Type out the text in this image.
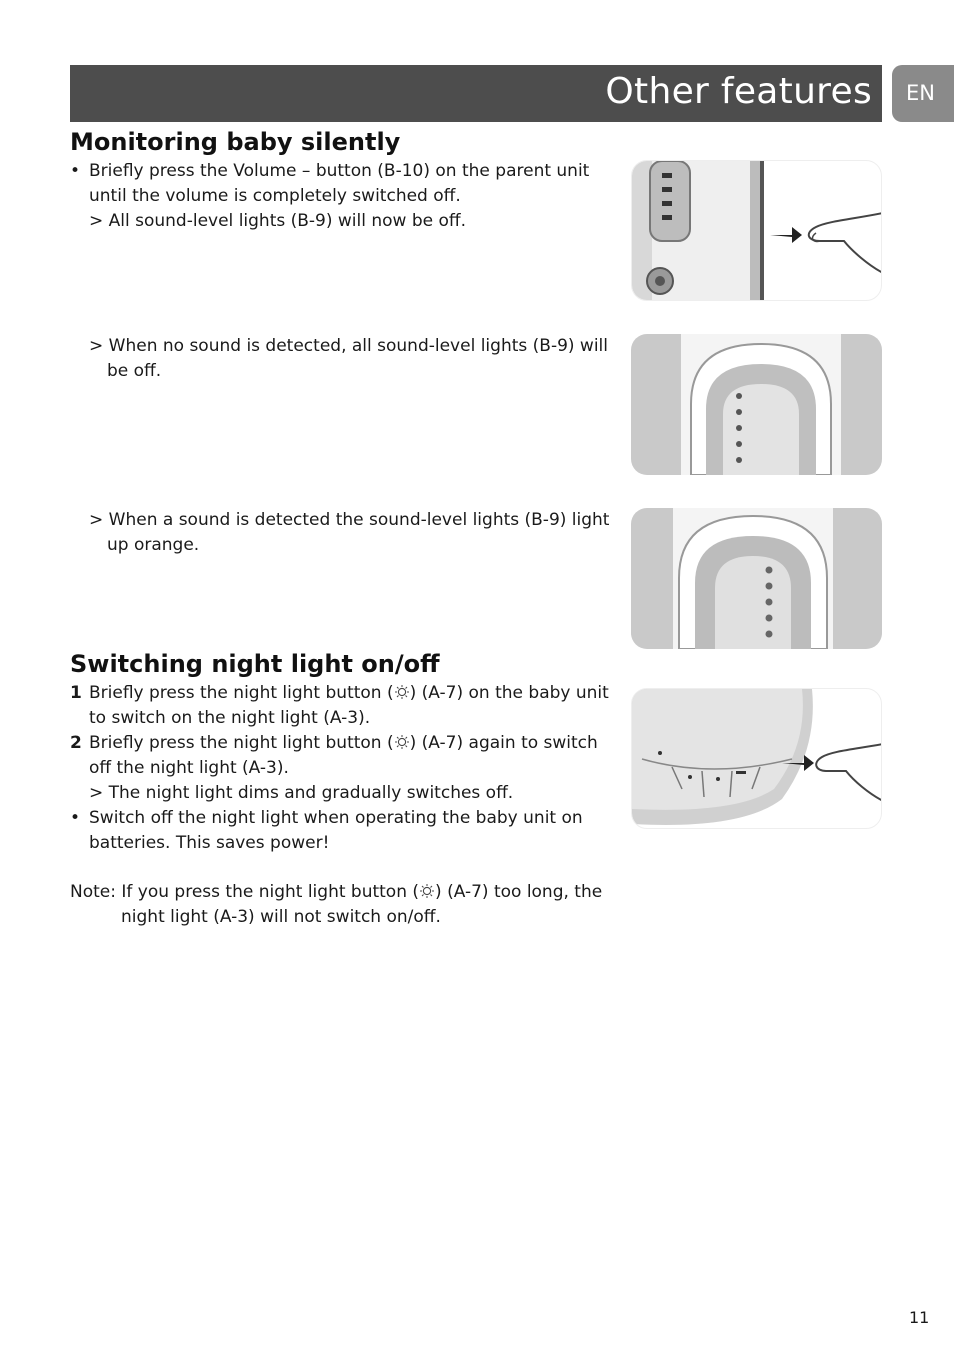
Other features	EN
Monitoring baby silently
• Briefly press the Volume – button (B-10) on the parent unit
until the volume is completely switched off.
> All sound-level lights (B-9) will now be off.
> When no sound is detected, all sound-level lights (B-9) will
be off.
> When a sound is detected the sound-level lights (B-9) light
up orange.
Switching night light on/off
1 Briefly press the night light button ( ) (A-7) on the baby unit
to switch on the night light (A-3).
2 Briefly press the night light button ( ) (A-7) again to switch
off the night light (A-3).
> The night light dims and gradually switches off.
• Switch off the night light when operating the baby unit on
batteries. This saves power!
Note: If you press the night light button ( ) (A-7) too long, the
night light (A-3) will not switch on/off.
11
